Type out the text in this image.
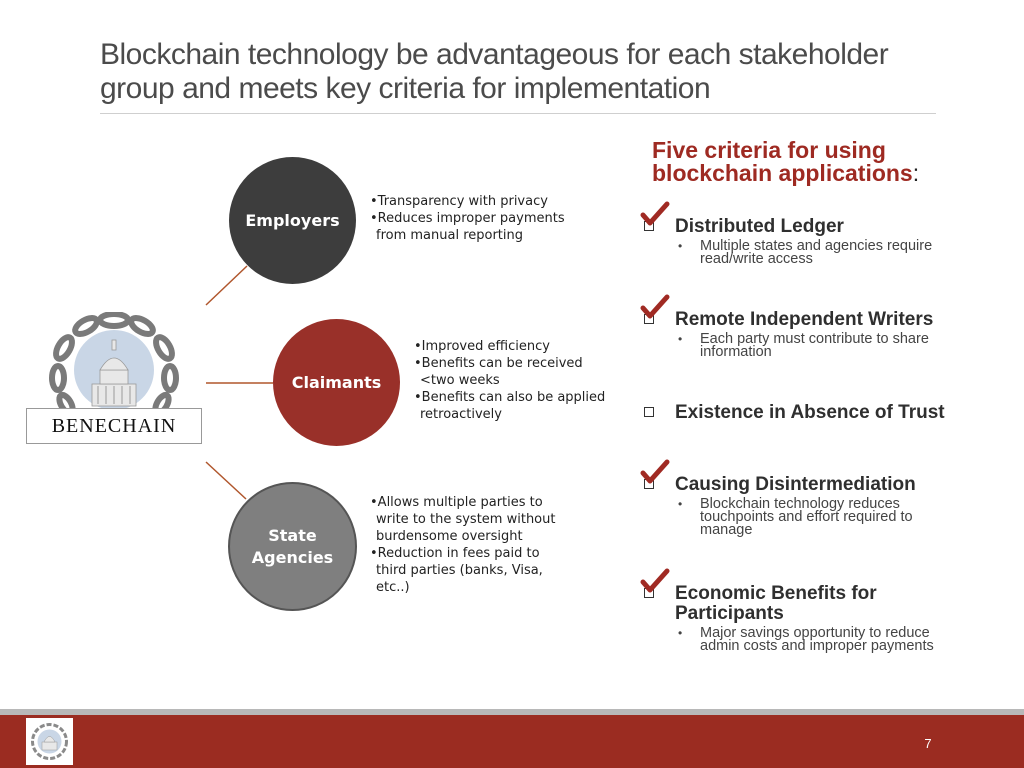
Blockchain technology be advantageous for each stakeholder
group and meets key criteria for implementation
BENECHAIN
Employers
Claimants
State
Agencies
• Transparency with privacy
• Reduces improper payments
from manual reporting
• Improved efficiency
• Benefits can be received
<two weeks
• Benefits can also be applied
retroactively
• Allows multiple parties to
write to the system without
burdensome oversight
• Reduction in fees paid to
third parties (banks, Visa,
etc..)
Five criteria for using
blockchain applications:
Distributed Ledger
• Multiple states and agencies require
read/write access
Remote Independent Writers
• Each party must contribute to share
information
Existence in Absence of Trust
Causing Disintermediation
• Blockchain technology reduces
touchpoints and effort required to
manage
Economic Benefits for
Participants
• Major savings opportunity to reduce
admin costs and improper payments
7
